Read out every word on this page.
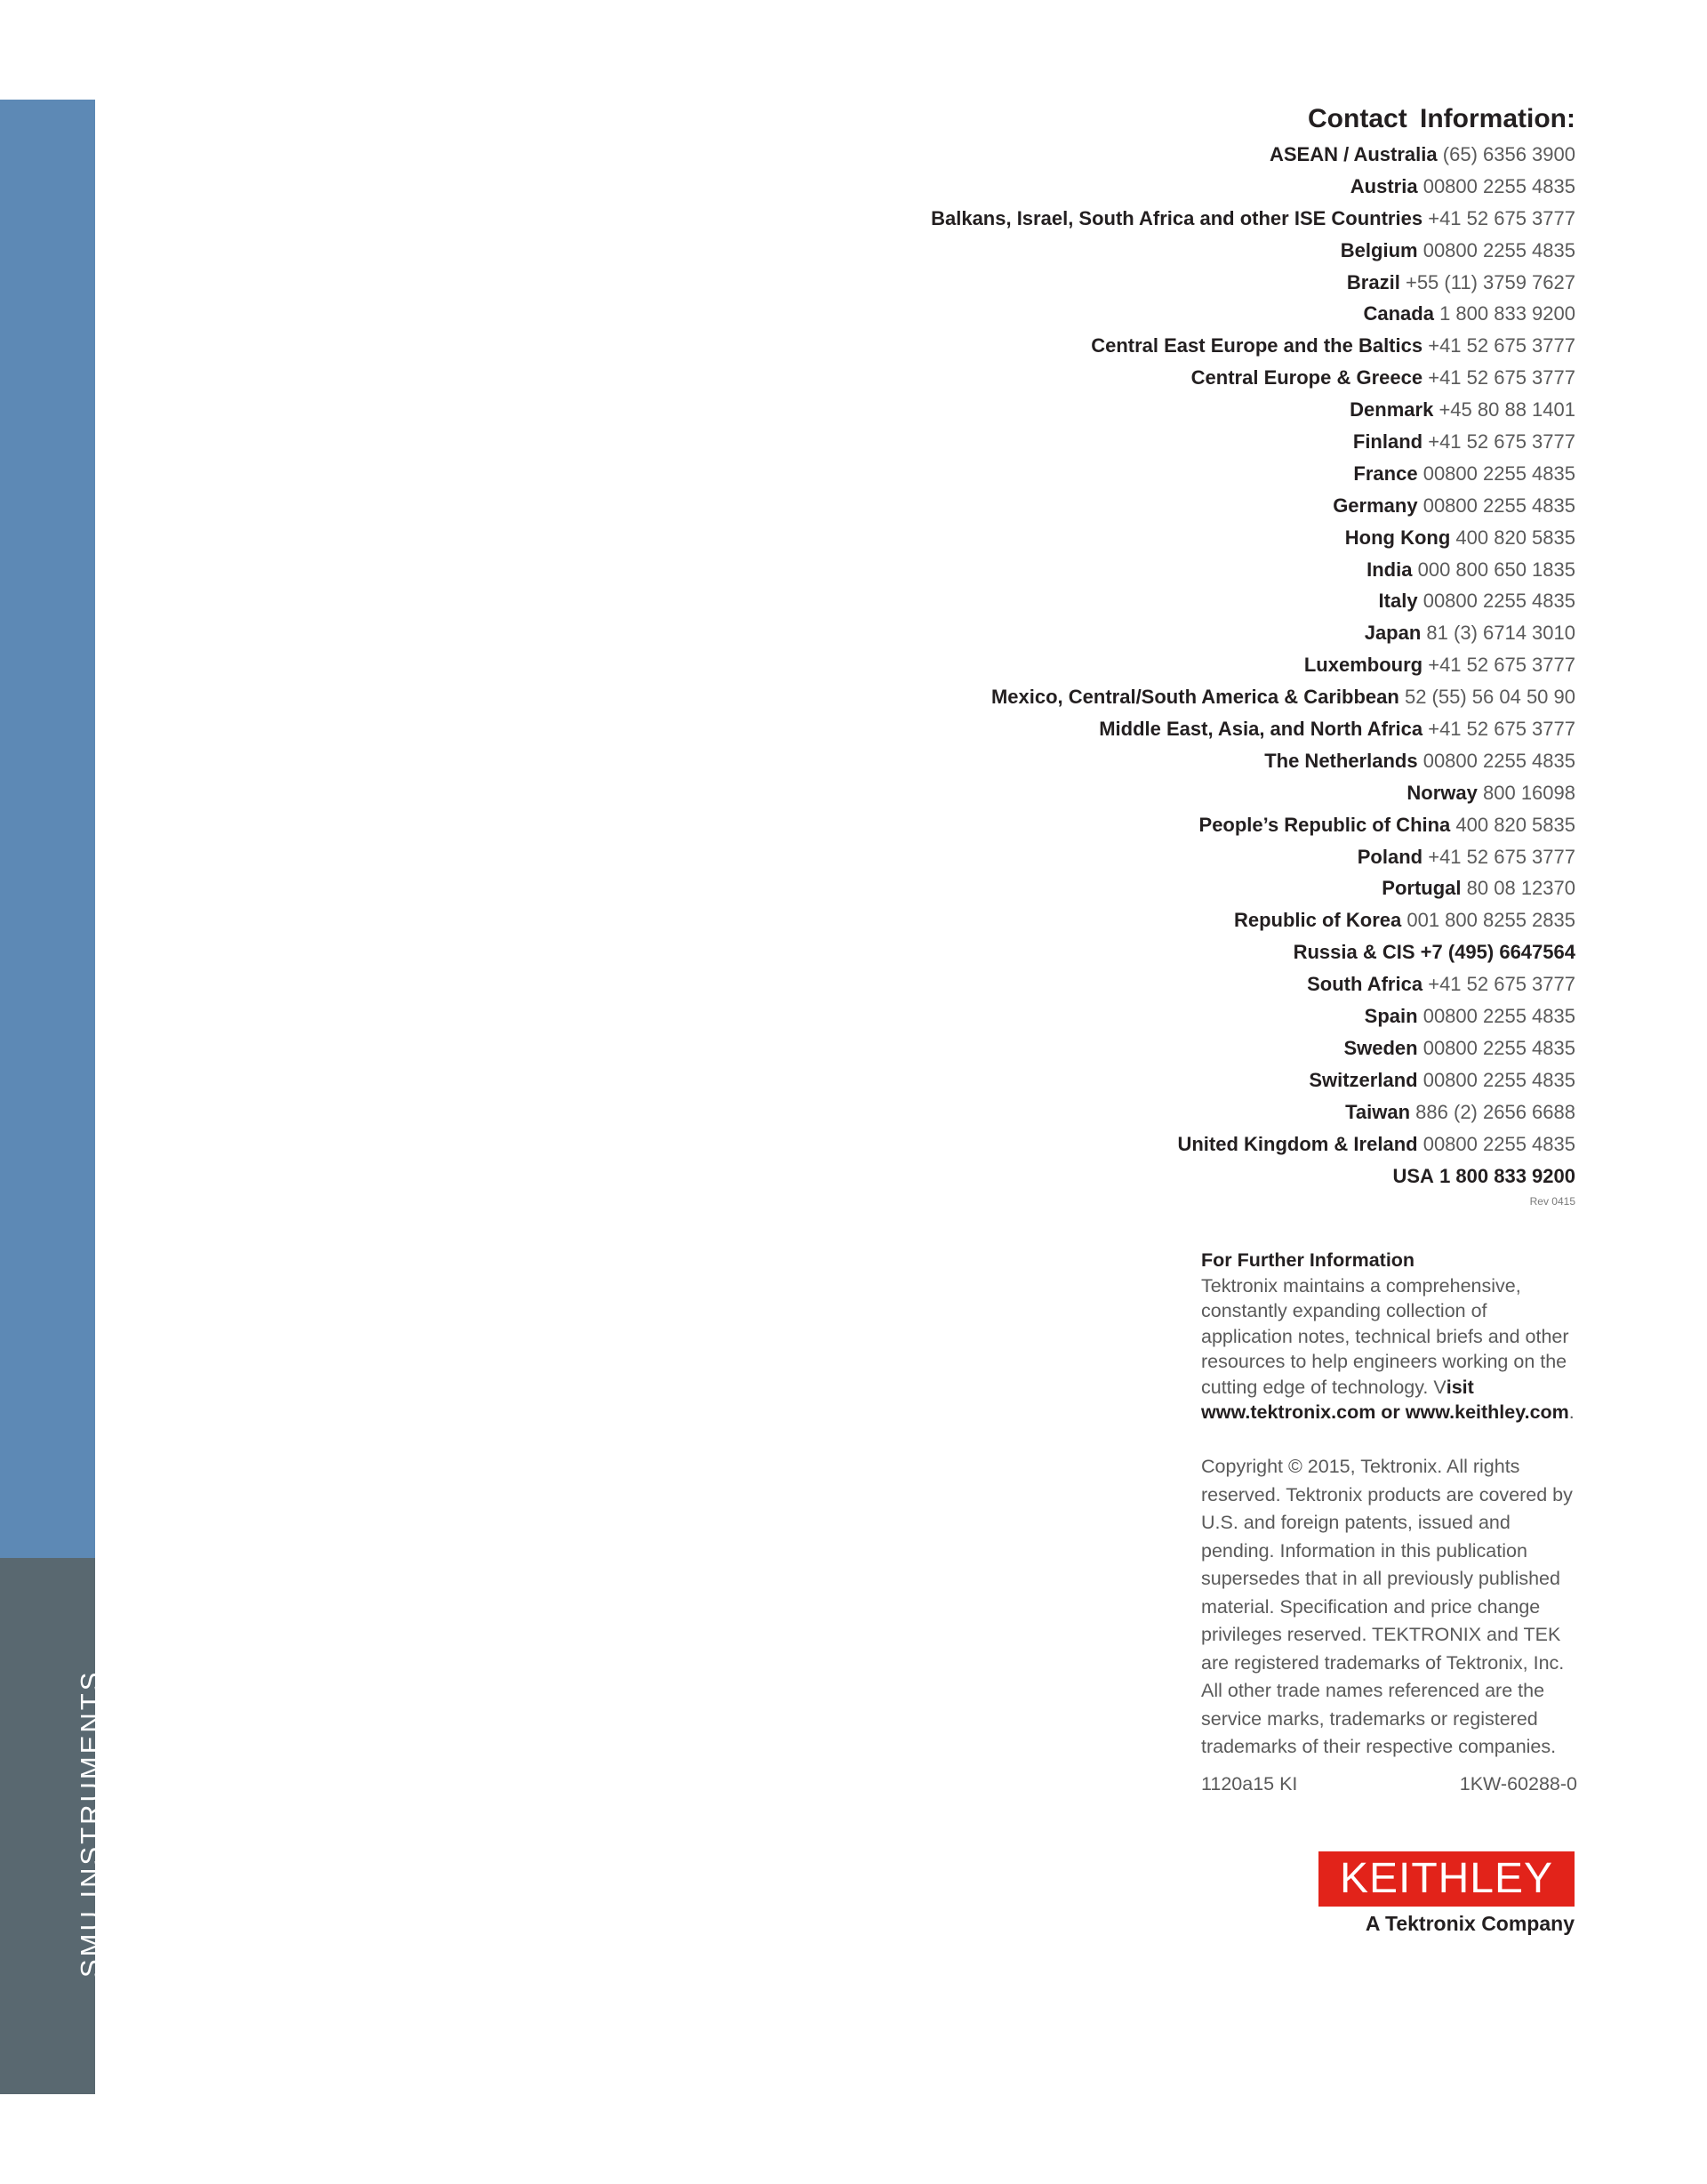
SMU INSTRUMENTS
Contact Information:
ASEAN / Australia (65) 6356 3900
Austria 00800 2255 4835
Balkans, Israel, South Africa and other ISE Countries +41 52 675 3777
Belgium 00800 2255 4835
Brazil +55 (11) 3759 7627
Canada 1 800 833 9200
Central East Europe and the Baltics +41 52 675 3777
Central Europe & Greece +41 52 675 3777
Denmark +45 80 88 1401
Finland +41 52 675 3777
France 00800 2255 4835
Germany 00800 2255 4835
Hong Kong 400 820 5835
India 000 800 650 1835
Italy 00800 2255 4835
Japan 81 (3) 6714 3010
Luxembourg +41 52 675 3777
Mexico, Central/South America & Caribbean 52 (55) 56 04 50 90
Middle East, Asia, and North Africa +41 52 675 3777
The Netherlands 00800 2255 4835
Norway 800 16098
People’s Republic of China 400 820 5835
Poland +41 52 675 3777
Portugal 80 08 12370
Republic of Korea 001 800 8255 2835
Russia & CIS +7 (495) 6647564
South Africa +41 52 675 3777
Spain 00800 2255 4835
Sweden 00800 2255 4835
Switzerland 00800 2255 4835
Taiwan 886 (2) 2656 6688
United Kingdom & Ireland 00800 2255 4835
USA 1 800 833 9200
Rev 0415
For Further Information
Tektronix maintains a comprehensive, constantly expanding collection of application notes, technical briefs and other resources to help engineers working on the cutting edge of technology. Visit www.tektronix.com or www.keithley.com.
Copyright © 2015, Tektronix. All rights reserved. Tektronix products are covered by U.S. and foreign patents, issued and pending. Information in this publication supersedes that in all previously published material. Specification and price change privileges reserved. TEKTRONIX and TEK are registered trademarks of Tektronix, Inc. All other trade names referenced are the service marks, trademarks or registered trademarks of their respective companies.
1120a15 KI	1KW-60288-0
KEITHLEY
A Tektronix Company
